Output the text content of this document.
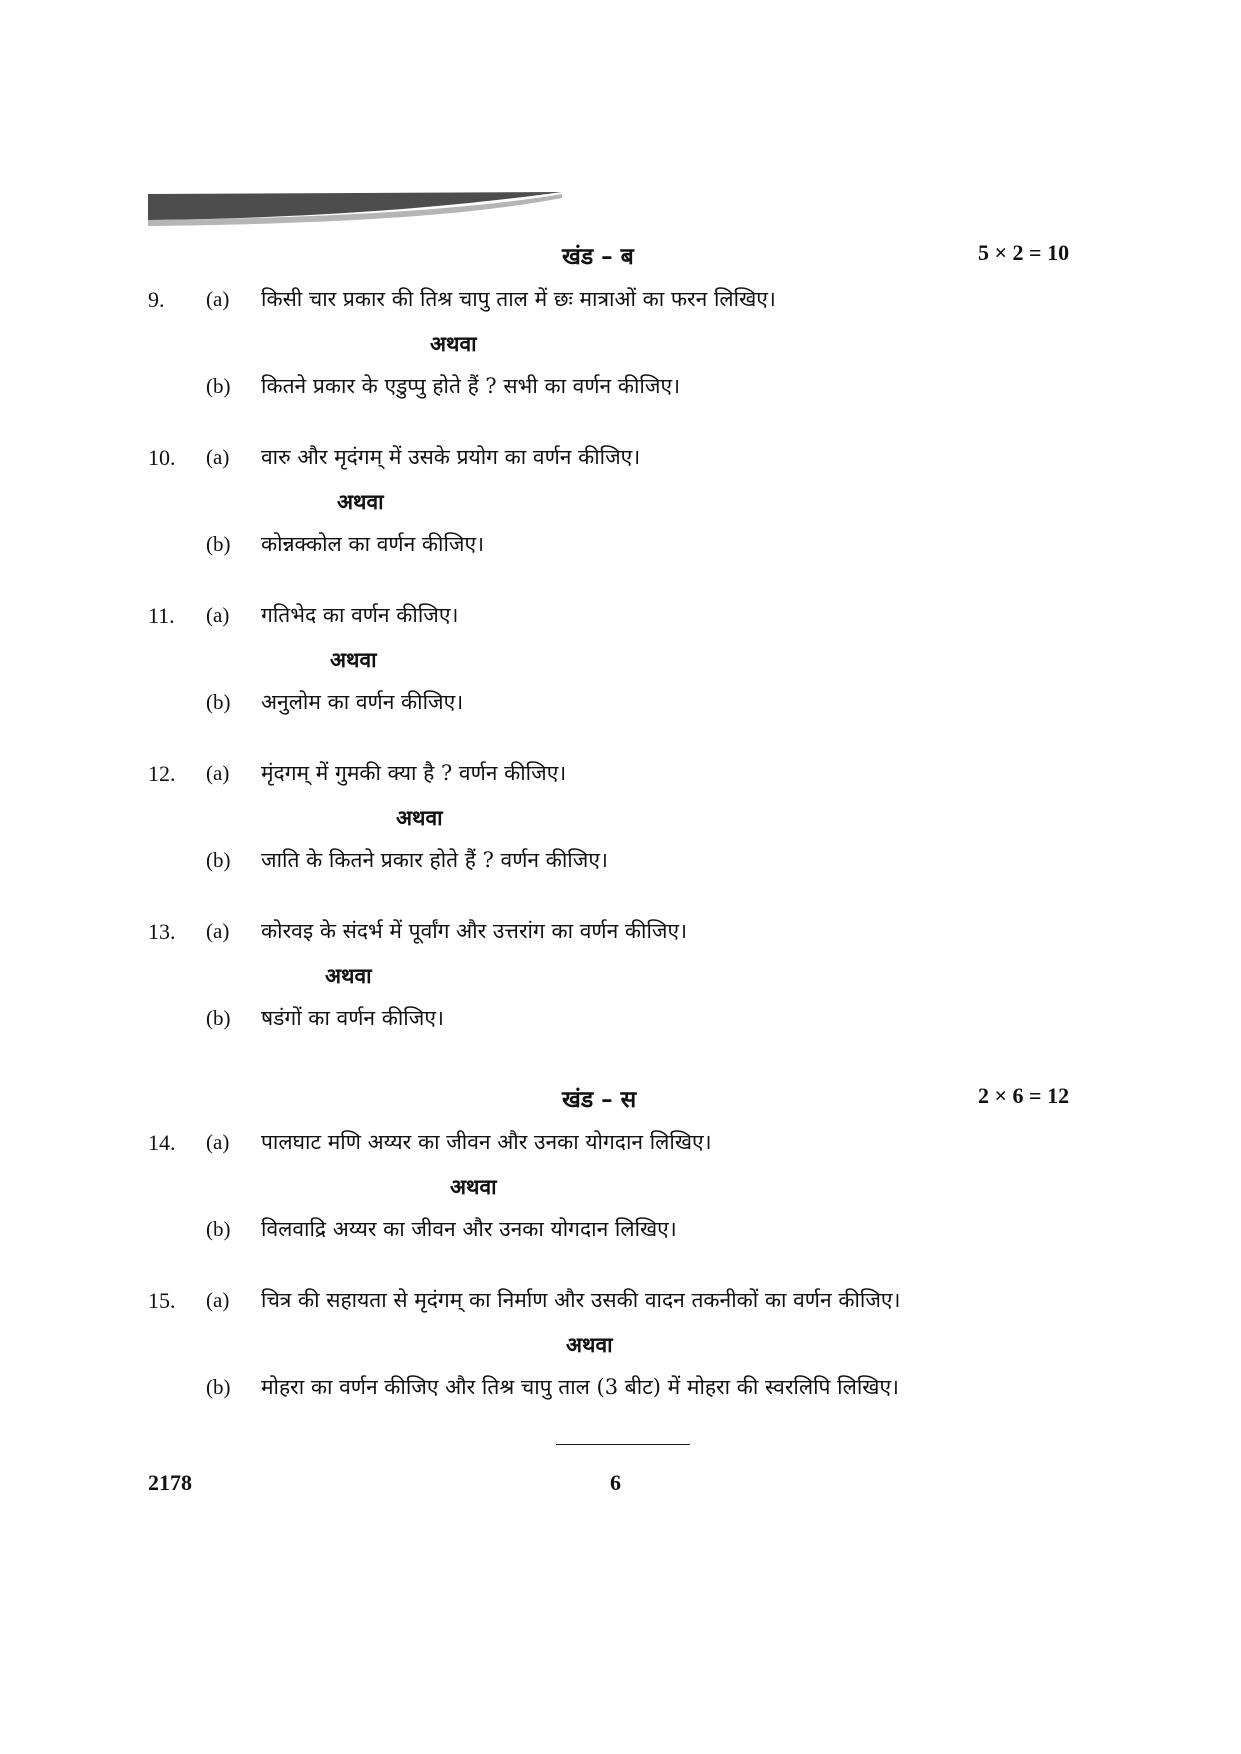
खंड – ब	5 × 2 = 10
9. (a) किसी चार प्रकार की तिश्र चापु ताल में छः मात्राओं का फरन लिखिए।
अथवा
(b) कितने प्रकार के एडुप्पु होते हैं ? सभी का वर्णन कीजिए।
10. (a) वारु और मृदंगम् में उसके प्रयोग का वर्णन कीजिए।
अथवा
(b) कोन्नक्कोल का वर्णन कीजिए।
11. (a) गतिभेद का वर्णन कीजिए।
अथवा
(b) अनुलोम का वर्णन कीजिए।
12. (a) मृंदगम् में गुमकी क्या है ? वर्णन कीजिए।
अथवा
(b) जाति के कितने प्रकार होते हैं ? वर्णन कीजिए।
13. (a) कोरवइ के संदर्भ में पूर्वांग और उत्तरांग का वर्णन कीजिए।
अथवा
(b) षडंगों का वर्णन कीजिए।
खंड – स	2 × 6 = 12
14. (a) पालघाट मणि अय्यर का जीवन और उनका योगदान लिखिए।
अथवा
(b) विलवाद्रि अय्यर का जीवन और उनका योगदान लिखिए।
15. (a) चित्र की सहायता से मृदंगम् का निर्माण और उसकी वादन तकनीकों का वर्णन कीजिए।
अथवा
(b) मोहरा का वर्णन कीजिए और तिश्र चापु ताल (3 बीट) में मोहरा की स्वरलिपि लिखिए।
2178	6
